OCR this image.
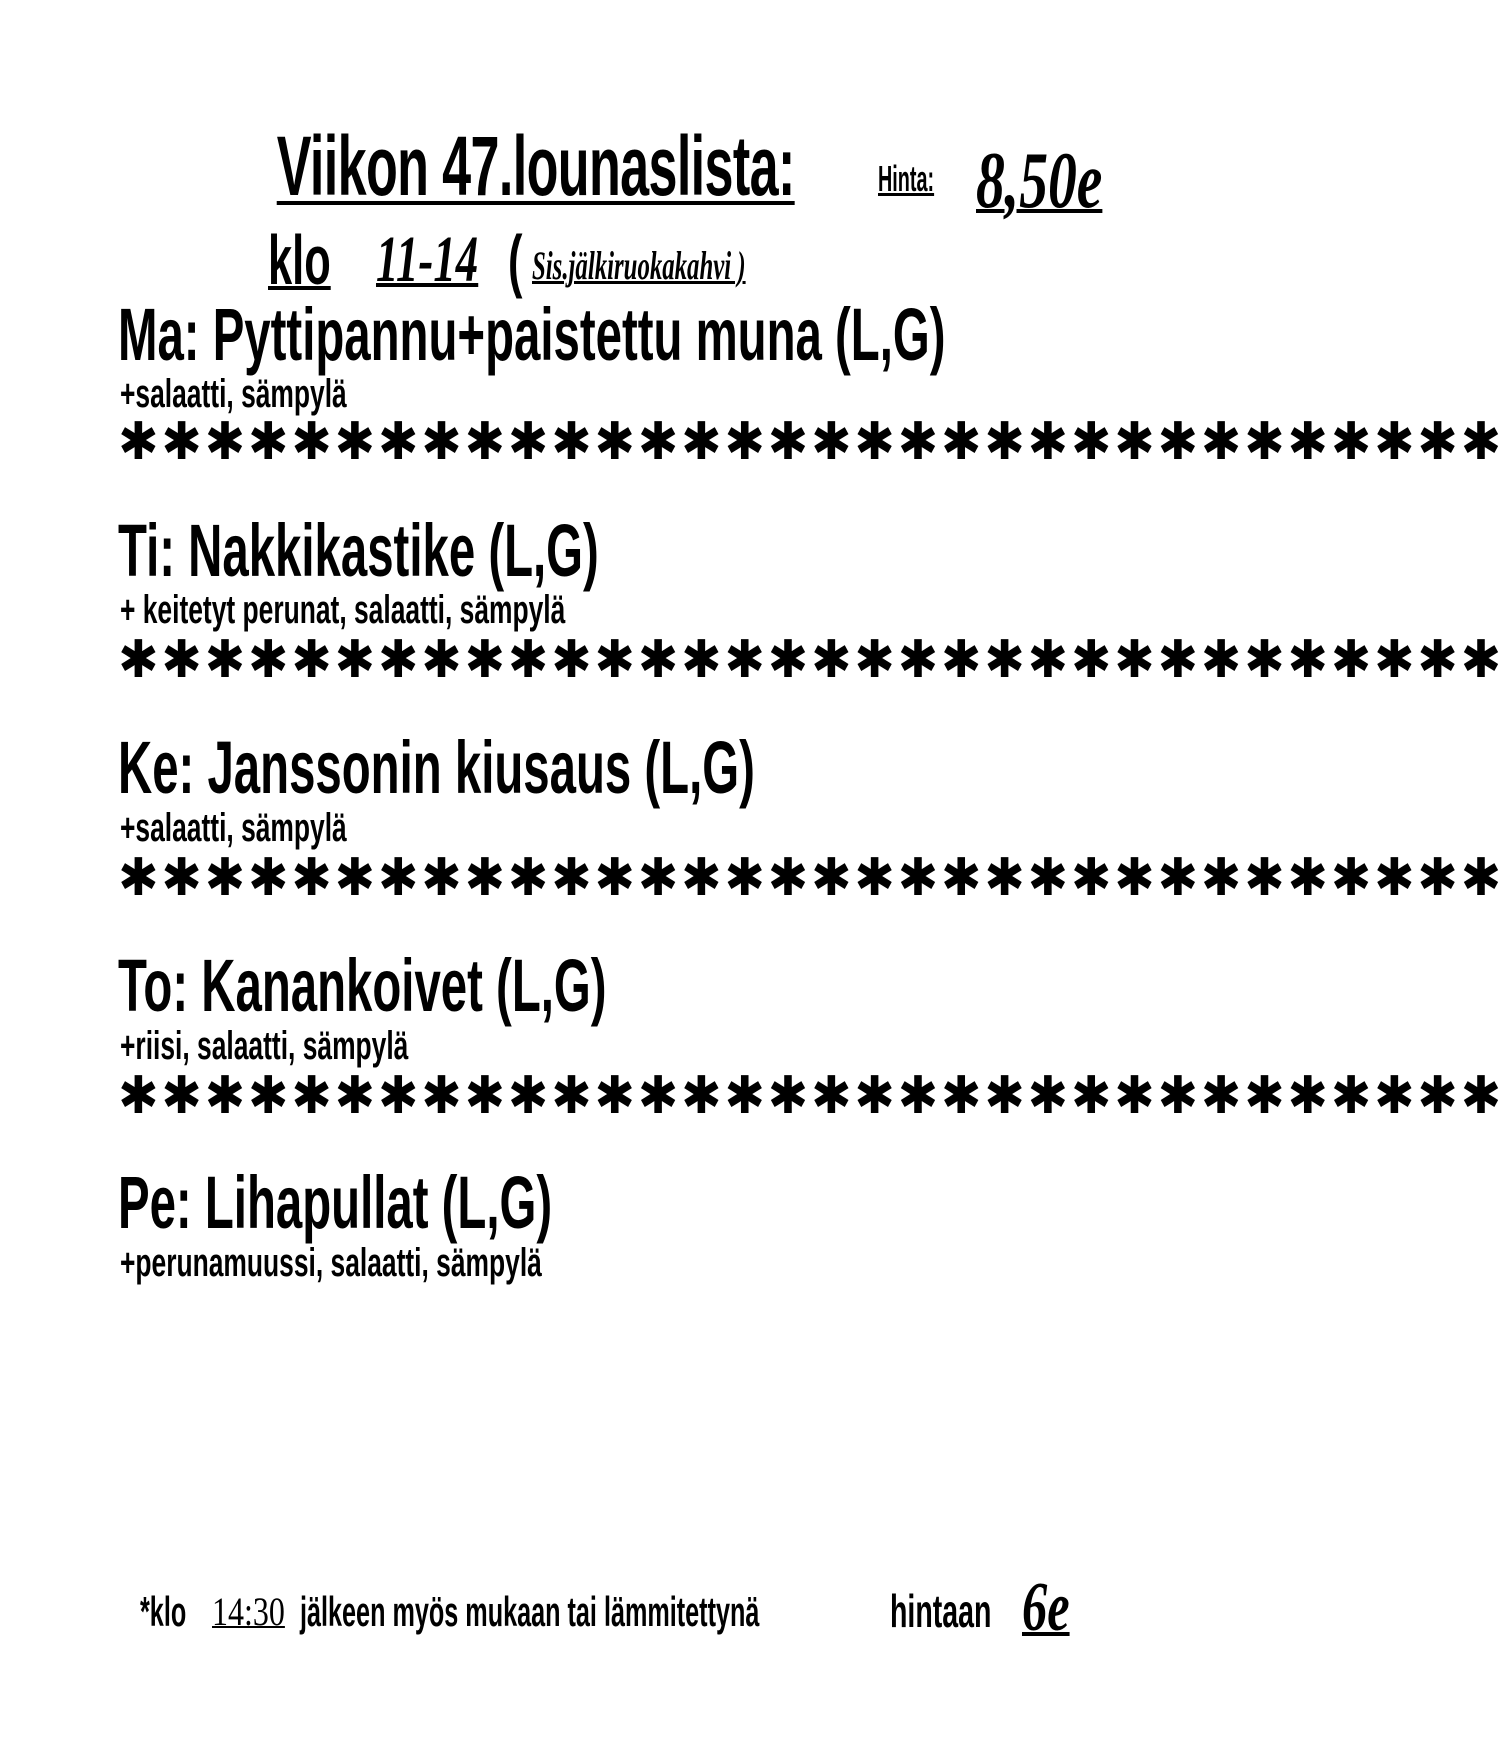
Viikon 47.lounaslista: Hinta: 8,50e
klo 11-14 ( Sis.jälkiruokakahvi )
Ma: Pyttipannu+paistettu muna (L,G)
+salaatti, sämpylä
✱✱✱✱✱✱✱✱✱✱✱✱✱✱✱✱✱✱✱✱✱✱✱✱✱✱✱✱✱✱✱✱
Ti: Nakkikastike (L,G)
+ keitetyt perunat, salaatti, sämpylä
✱✱✱✱✱✱✱✱✱✱✱✱✱✱✱✱✱✱✱✱✱✱✱✱✱✱✱✱✱✱✱✱
Ke: Janssonin kiusaus (L,G)
+salaatti, sämpylä
✱✱✱✱✱✱✱✱✱✱✱✱✱✱✱✱✱✱✱✱✱✱✱✱✱✱✱✱✱✱✱✱
To: Kanankoivet (L,G)
+riisi, salaatti, sämpylä
✱✱✱✱✱✱✱✱✱✱✱✱✱✱✱✱✱✱✱✱✱✱✱✱✱✱✱✱✱✱✱✱
Pe: Lihapullat (L,G)
+perunamuussi, salaatti, sämpylä
*klo 14:30 jälkeen myös mukaan tai lämmitettynä	hintaan 6e
